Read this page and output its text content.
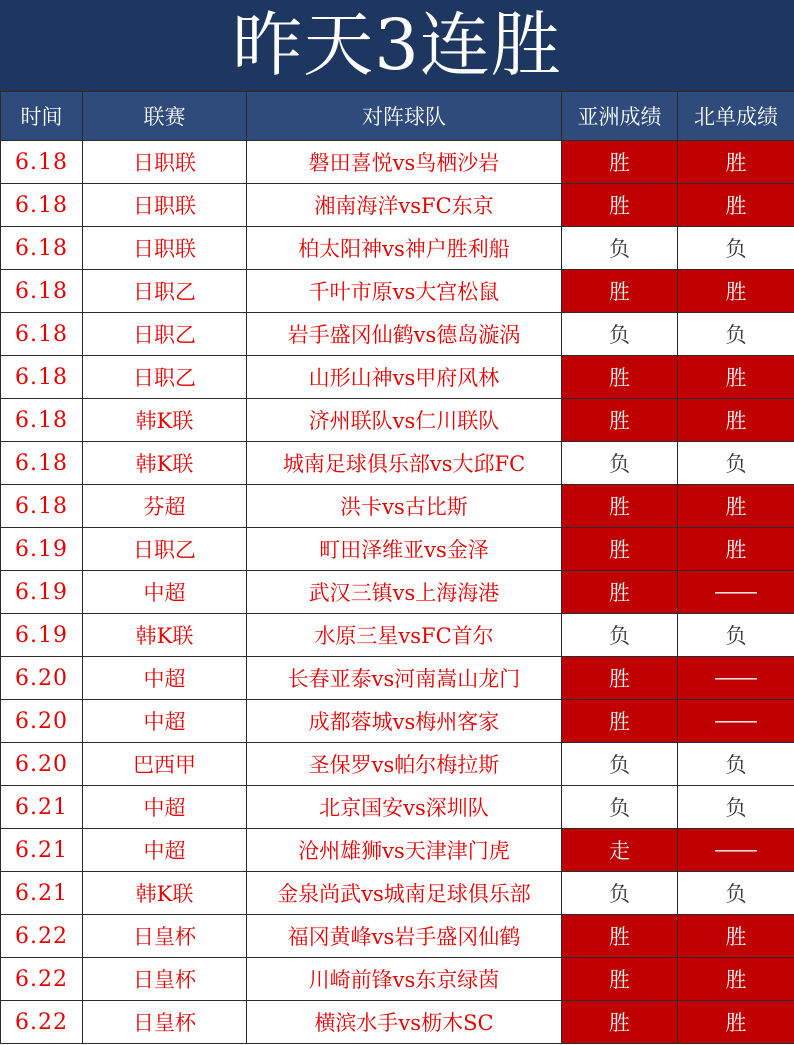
昨天3连胜
时间	联赛	对阵球队	亚洲成绩	北单成绩
6.18	日职联	磐田喜悦vs鸟栖沙岩	胜	胜
6.18	日职联	湘南海洋vsFC东京	胜	胜
6.18	日职联	柏太阳神vs神户胜利船	负	负
6.18	日职乙	千叶市原vs大宫松鼠	胜	胜
6.18	日职乙	岩手盛冈仙鹤vs德岛漩涡	负	负
6.18	日职乙	山形山神vs甲府风林	胜	胜
6.18	韩K联	济州联队vs仁川联队	胜	胜
6.18	韩K联	城南足球俱乐部vs大邱FC	负	负
6.18	芬超	洪卡vs古比斯	胜	胜
6.19	日职乙	町田泽维亚vs金泽	胜	胜
6.19	中超	武汉三镇vs上海海港	胜	——
6.19	韩K联	水原三星vsFC首尔	负	负
6.20	中超	长春亚泰vs河南嵩山龙门	胜	——
6.20	中超	成都蓉城vs梅州客家	胜	——
6.20	巴西甲	圣保罗vs帕尔梅拉斯	负	负
6.21	中超	北京国安vs深圳队	负	负
6.21	中超	沧州雄狮vs天津津门虎	走	——
6.21	韩K联	金泉尚武vs城南足球俱乐部	负	负
6.22	日皇杯	福冈黄峰vs岩手盛冈仙鹤	胜	胜
6.22	日皇杯	川崎前锋vs东京绿茵	胜	胜
6.22	日皇杯	横滨水手vs枥木SC	胜	胜
